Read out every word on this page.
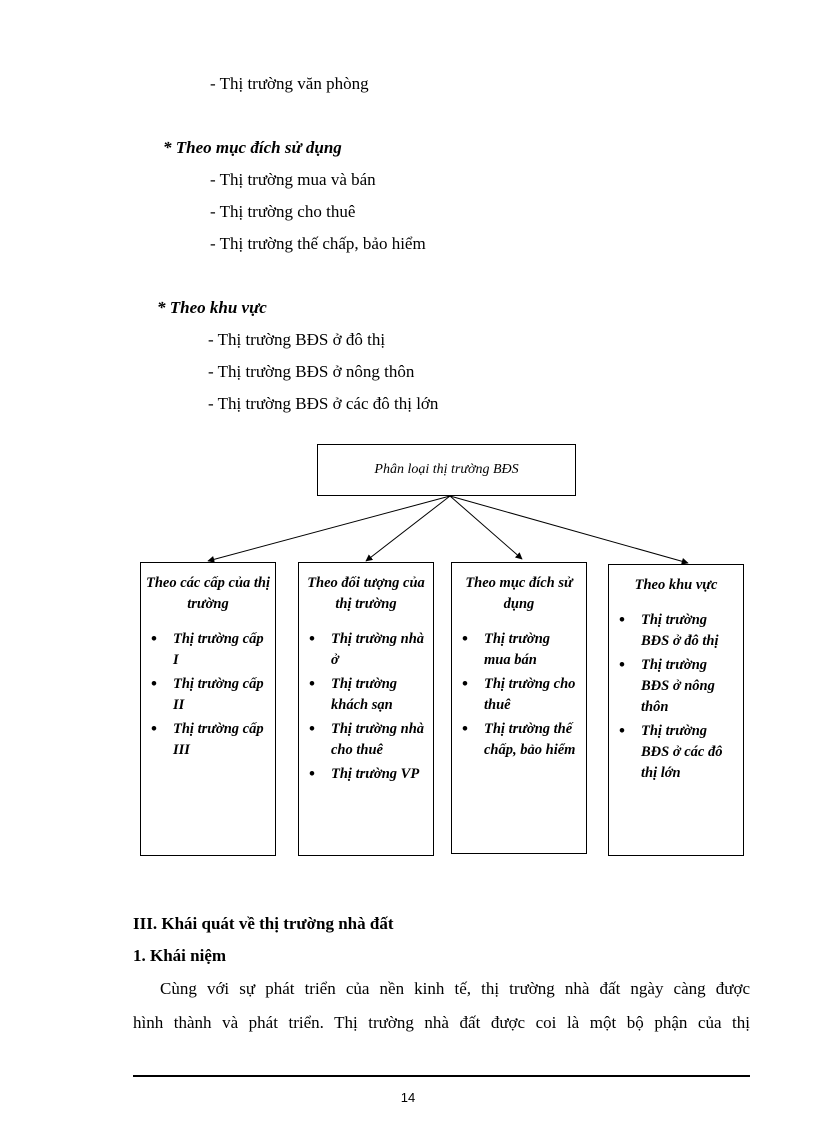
- Thị trường văn phòng
* Theo mục đích sử dụng
- Thị trường mua và bán
- Thị trường cho thuê
- Thị trường thế chấp, bảo hiểm
* Theo khu vực
- Thị trường BĐS ở đô thị
- Thị trường BĐS ở nông thôn
- Thị trường BĐS ở các đô thị lớn
Phân loại thị trường BĐS
Theo các cấp của thị trường
• Thị trường cấp I
• Thị trường cấp II
• Thị trường cấp III
Theo đối tượng của thị trường
• Thị trường nhà ở
• Thị trường khách sạn
• Thị trường nhà cho thuê
• Thị trường VP
Theo mục đích sử dụng
• Thị trường mua bán
• Thị trường cho thuê
• Thị trường thế chấp, bảo hiểm
Theo khu vực
• Thị trường BĐS ở đô thị
• Thị trường BĐS ở nông thôn
• Thị trường BĐS ở các đô thị lớn
III. Khái quát về thị trường nhà đất
1. Khái niệm
Cùng với sự phát triển của nền kinh tế, thị trường nhà đất ngày càng được
hình thành và phát triển. Thị trường nhà đất được coi là một bộ phận của thị
14
